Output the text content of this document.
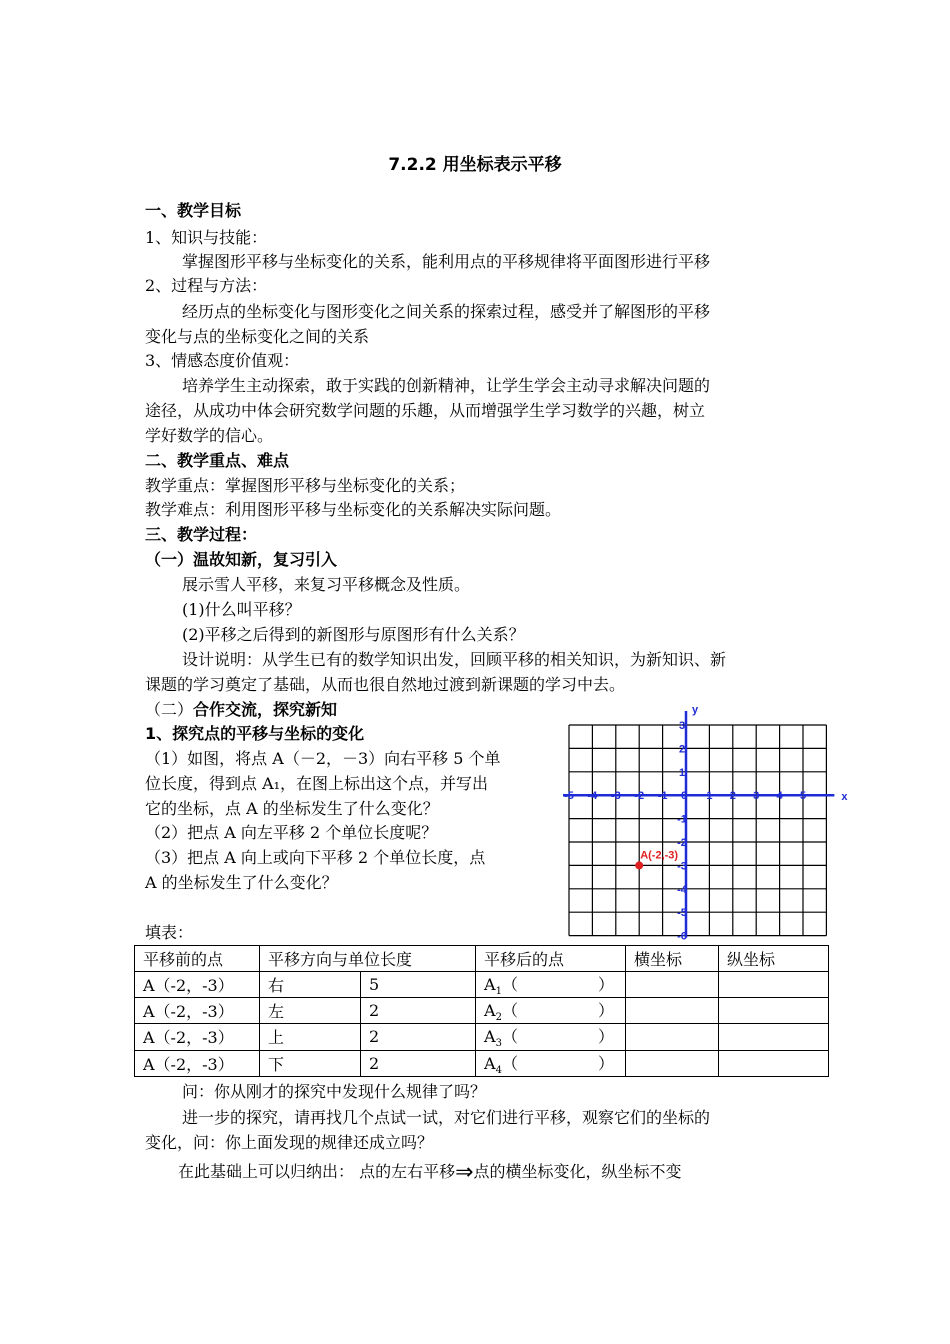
7.2.2 用坐标表示平移
一、教学目标
1、知识与技能：
掌握图形平移与坐标变化的关系，能利用点的平移规律将平面图形进行平移
2、过程与方法：
经历点的坐标变化与图形变化之间关系的探索过程，感受并了解图形的平移
变化与点的坐标变化之间的关系
3、情感态度价值观：
培养学生主动探索，敢于实践的创新精神，让学生学会主动寻求解决问题的
途径，从成功中体会研究数学问题的乐趣，从而增强学生学习数学的兴趣，树立
学好数学的信心。
二、教学重点、难点
教学重点：掌握图形平移与坐标变化的关系；
教学难点：利用图形平移与坐标变化的关系解决实际问题。
三、教学过程：
（一）温故知新，复习引入
展示雪人平移，来复习平移概念及性质。
(1)什么叫平移？
(2)平移之后得到的新图形与原图形有什么关系？
设计说明：从学生已有的数学知识出发，回顾平移的相关知识，为新知识、新
课题的学习奠定了基础，从而也很自然地过渡到新课题的学习中去。
（二）合作交流，探究新知
1、探究点的平移与坐标的变化
（1）如图，将点 A（－2，－3）向右平移 5 个单
位长度，得到点 A₁，在图上标出这个点，并写出
它的坐标，点 A 的坐标发生了什么变化？
（2）把点 A 向左平移 2 个单位长度呢？
（3）把点 A 向上或向下平移 2 个单位长度，点
A 的坐标发生了什么变化？
-5 -4 -3 -2 -1 0 1 2 3 4 5
3
2
1
-1
-2
-3
-4
-5
-6
x
y
A(-2,-3)
填表：
平移前的点	平移方向与单位长度		平移后的点	横坐标	纵坐标
A（-2，-3）	右	5	$A_1$（　　　　　）		
A（-2，-3）	左	2	$A_2$（　　　　　）		
A（-2，-3）	上	2	$A_3$（　　　　　）		
A（-2，-3）	下	2	$A_4$（　　　　　）		
问：你从刚才的探究中发现什么规律了吗？
进一步的探究，请再找几个点试一试，对它们进行平移，观察它们的坐标的
变化，问：你上面发现的规律还成立吗？
在此基础上可以归纳出： 点的左右平移⇒点的横坐标变化，纵坐标不变
